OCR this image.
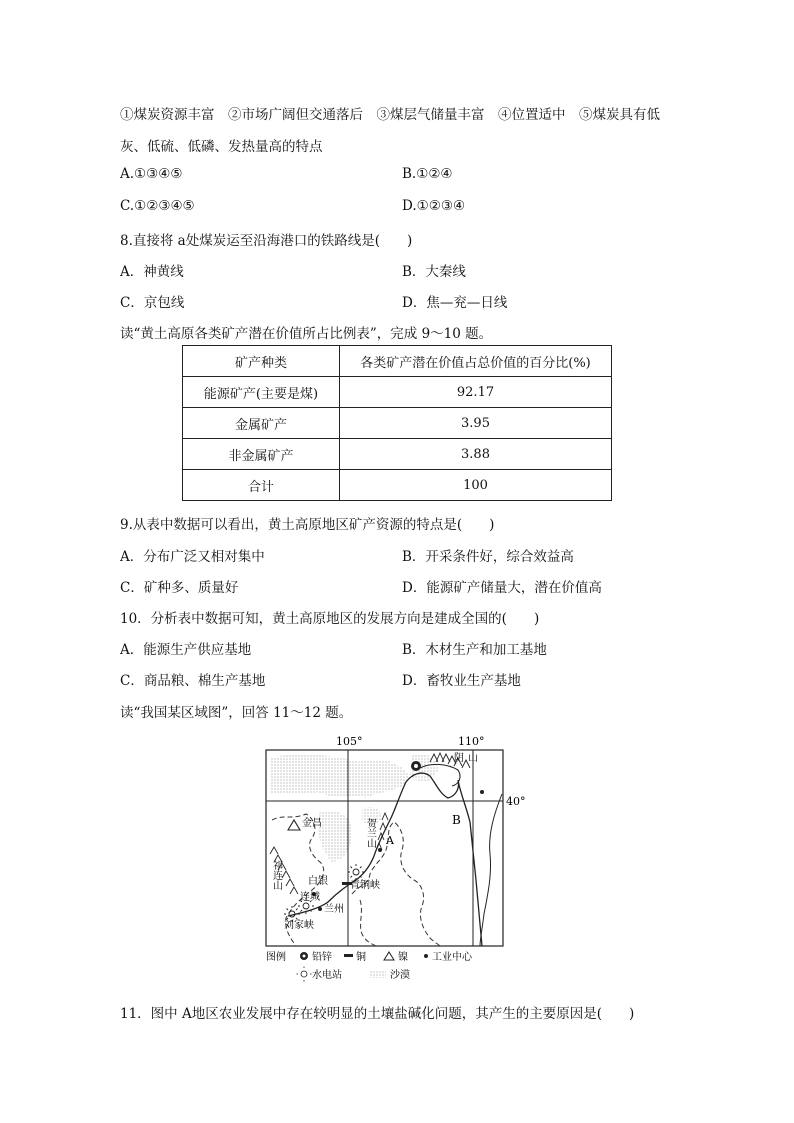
①煤炭资源丰富　②市场广阔但交通落后　③煤层气储量丰富　④位置适中　⑤煤炭具有低
灰、低硫、低磷、发热量高的特点
A.①③④⑤	B.①②④
C.①②③④⑤	D.①②③④
8.直接将 a处煤炭运至沿海港口的铁路线是(　　)
A．神黄线	B．大秦线
C．京包线	D．焦—兖—日线
读“黄土高原各类矿产潜在价值所占比例表”，完成 9～10 题。
矿产种类	各类矿产潜在价值占总价值的百分比(%)
能源矿产(主要是煤)	92.17
金属矿产	3.95
非金属矿产	3.88
合计	100
9.从表中数据可以看出，黄土高原地区矿产资源的特点是(　　)
A．分布广泛又相对集中	B．开采条件好，综合效益高
C．矿种多、质量好	D．能源矿产储量大，潜在价值高
10．分析表中数据可知，黄土高原地区的发展方向是建成全国的(　　)
A．能源生产供应基地	B．木材生产和加工基地
C．商品粮、棉生产基地	D．畜牧业生产基地
读“我国某区域图”，回答 11～12 题。
105°	110°
40°
阴山
金昌
祁连山
贺兰山 A
B
白银 青铜峡
连城
兰州
刘家峡
图例	铅锌 铜	镍 工业中心
水电站	沙漠
11．图中 A地区农业发展中存在较明显的土壤盐碱化问题，其产生的主要原因是(　　)
